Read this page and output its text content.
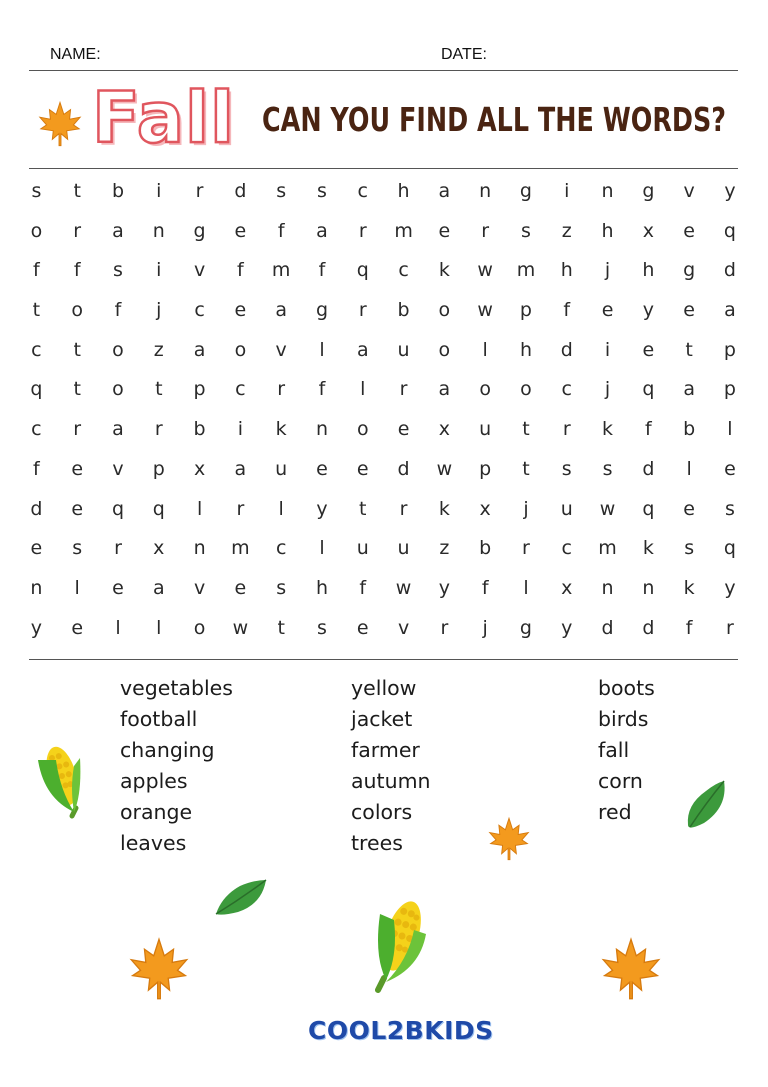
NAME:	DATE:
Fall CAN YOU FIND ALL THE WORDS?
s	t	b	i	r	d	s	s	c	h	a	n	g	i	n	g	v	y
o	r	a	n	g	e	f	a	r	m	e	r	s	z	h	x	e	q
f	f	s	i	v	f	m	f	q	c	k	w	m	h	j	h	g	d
t	o	f	j	c	e	a	g	r	b	o	w	p	f	e	y	e	a
c	t	o	z	a	o	v	l	a	u	o	l	h	d	i	e	t	p
q	t	o	t	p	c	r	f	l	r	a	o	o	c	j	q	a	p
c	r	a	r	b	i	k	n	o	e	x	u	t	r	k	f	b	l
f	e	v	p	x	a	u	e	e	d	w	p	t	s	s	d	l	e
d	e	q	q	l	r	l	y	t	r	k	x	j	u	w	q	e	s
e	s	r	x	n	m	c	l	u	u	z	b	r	c	m	k	s	q
n	l	e	a	v	e	s	h	f	w	y	f	l	x	n	n	k	y
y	e	l	l	o	w	t	s	e	v	r	j	g	y	d	d	f	r
vegetables
football
changing
apples
orange
leaves
yellow
jacket
farmer
autumn
colors
trees
boots
birds
fall
corn
red
COOL2BKIDS
